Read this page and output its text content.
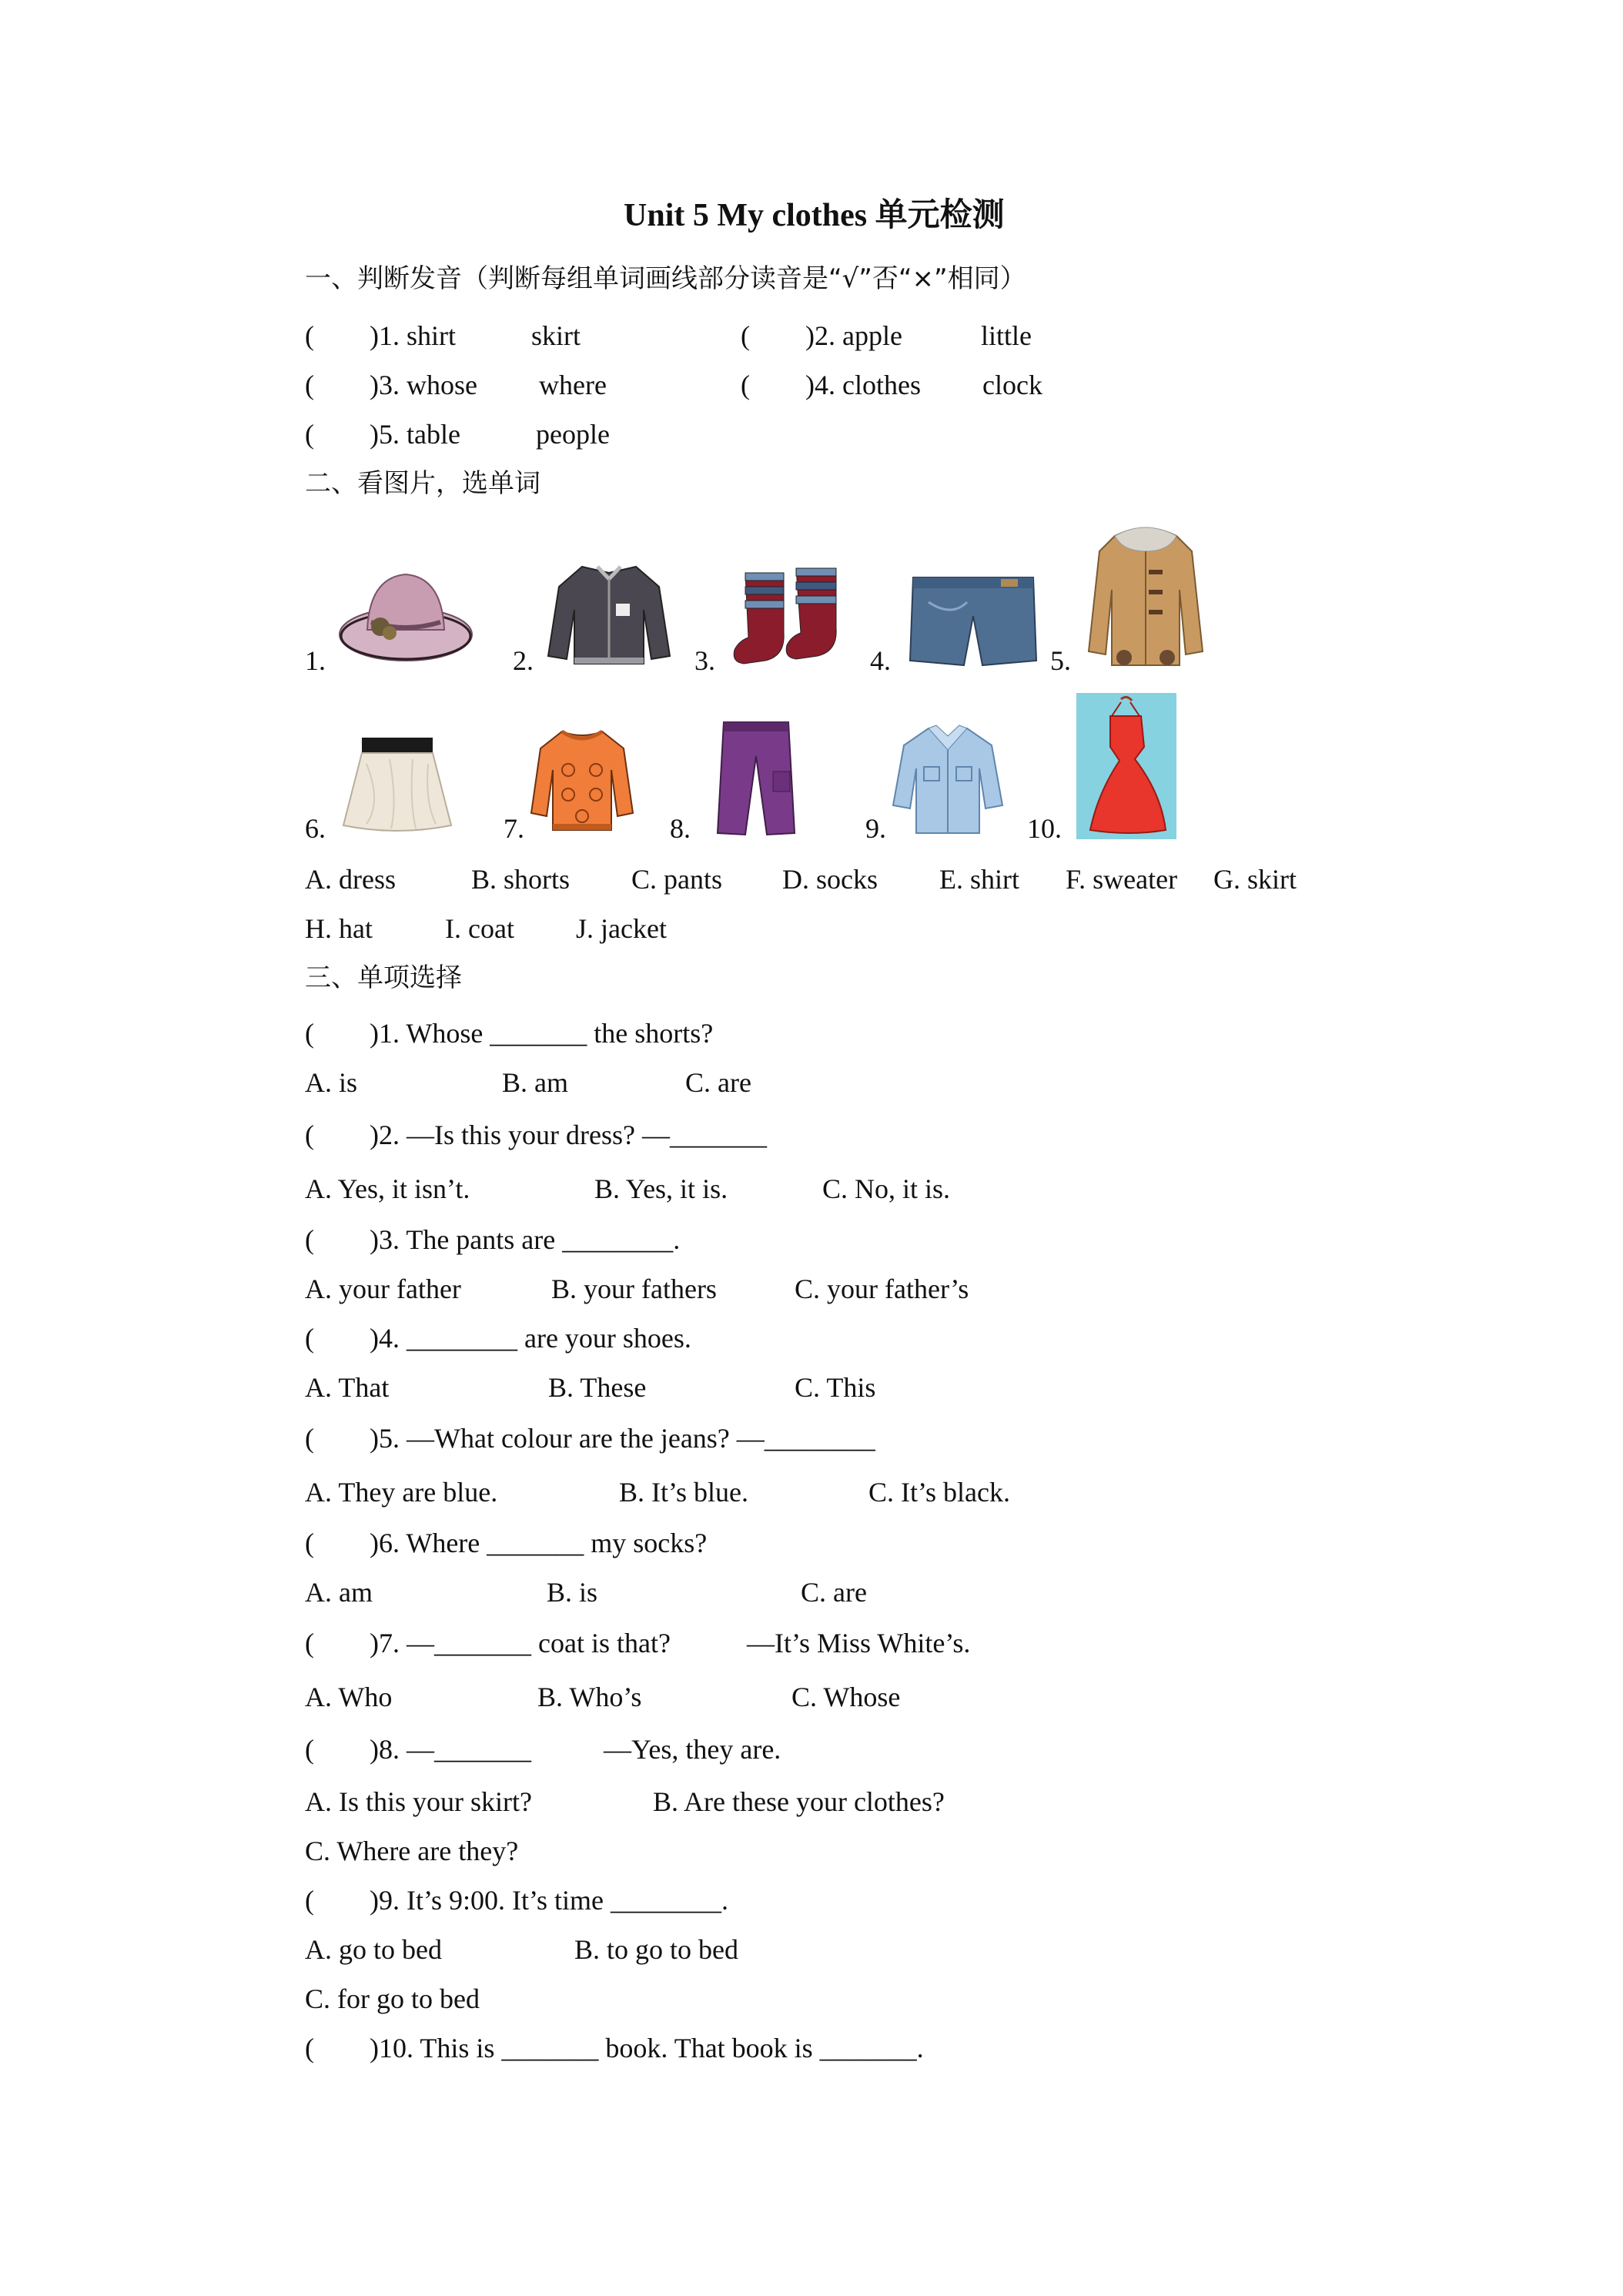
Unit 5 My clothes 单元检测
一、判断发音（判断每组单词画线部分读音是“√”否“×”相同）
( )1. shirt	skirt	( )2. apple	little
( )3. whose where	( )4. clothes clock
( )5. table	people
二、看图片，选单词
1.	2.	3.	4.	5.
6.	7.	8.	9.	10.
A. dress	B. shorts C. pants D. socks E. shirt F. sweater G. skirt
H. hat	I. coat J. jacket
三、单项选择
( )1. Whose _______ the shorts?
A. is	B. am	C. are
( )2. —Is this your dress? —_______
A. Yes, it isn’t.	B. Yes, it is.	C. No, it is.
( )3. The pants are ________.
A. your father	B. your fathers	C. your father’s
( )4. ________ are your shoes.
A. That	B. These	C. This
( )5. —What colour are the jeans? —________
A. They are blue.	B. It’s blue.	C. It’s black.
( )6. Where _______ my socks?
A. am	B. is	C. are
( )7. —_______ coat is that?	—It’s Miss White’s.
A. Who	B. Who’s	C. Whose
( )8. —_______	—Yes, they are.
A. Is this your skirt?	B. Are these your clothes?
C. Where are they?
( )9. It’s 9:00. It’s time ________.
A. go to bed	B. to go to bed
C. for go to bed
( )10. This is _______ book. That book is _______.
